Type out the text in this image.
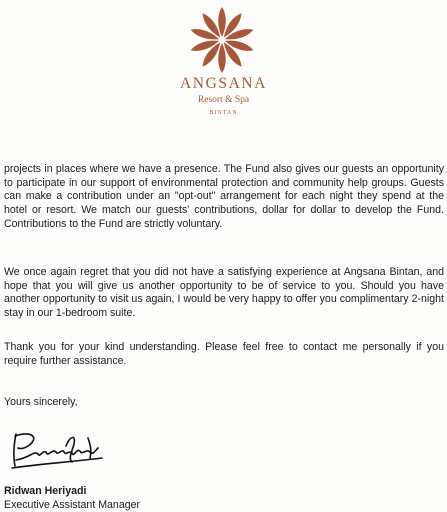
ANGSANA
Resort & Spa
BINTAN

projects in places where we have a presence. The Fund also gives our guests an opportunity to participate in our support of environmental protection and community help groups. Guests can make a contribution under an "opt-out" arrangement for each night they spend at the hotel or resort. We match our guests' contributions, dollar for dollar to develop the Fund. Contributions to the Fund are strictly voluntary.

We once again regret that you did not have a satisfying experience at Angsana Bintan, and hope that you will give us another opportunity to be of service to you. Should you have another opportunity to visit us again, I would be very happy to offer you complimentary 2-night stay in our 1-bedroom suite.

Thank you for your kind understanding. Please feel free to contact me personally if you require further assistance.

Yours sincerely,
Ridwan Heriyadi
Executive Assistant Manager
